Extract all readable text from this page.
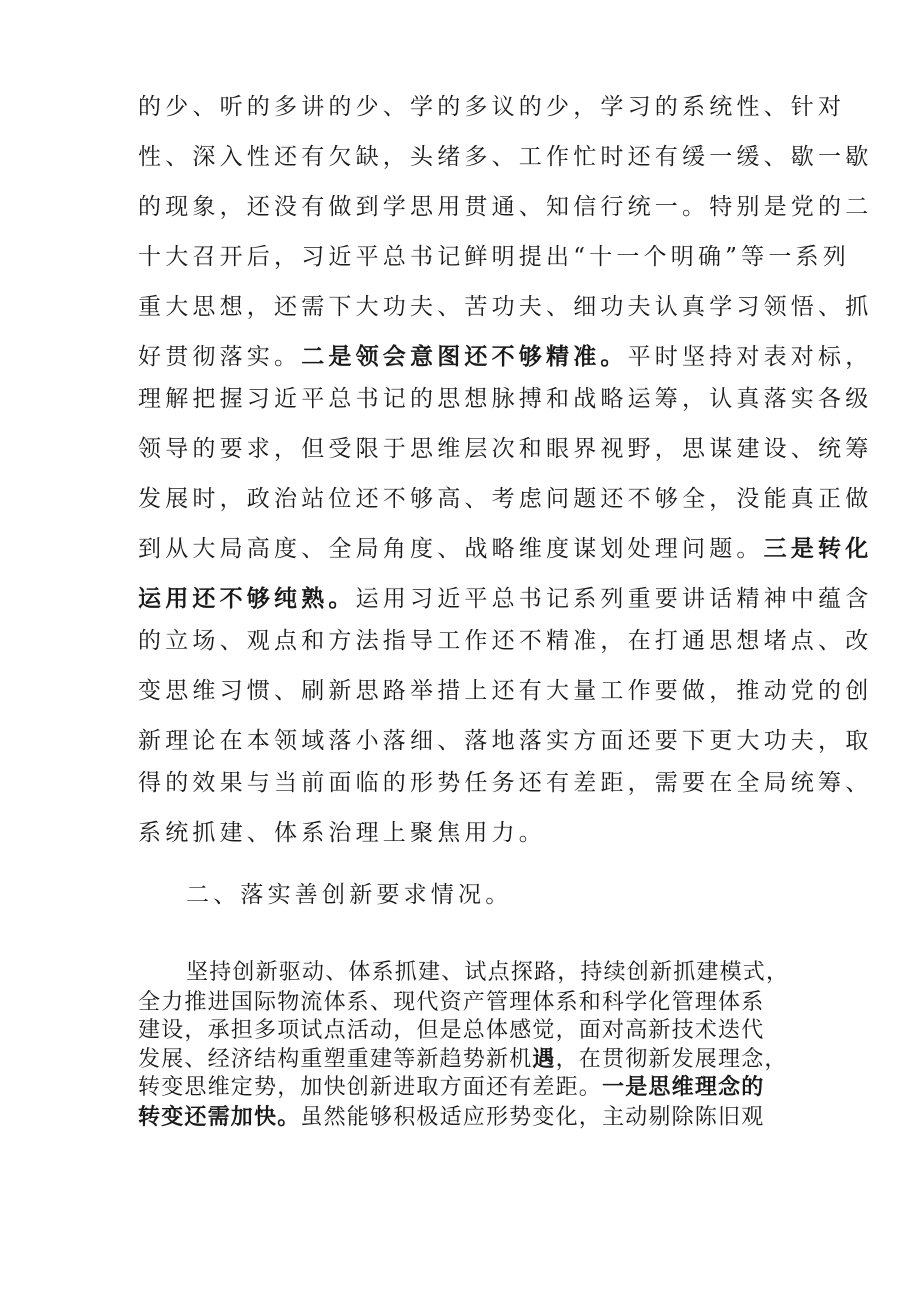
的少、听的多讲的少、学的多议的少，学习的系统性、针对
性、深入性还有欠缺，头绪多、工作忙时还有缓一缓、歇一歇
的现象，还没有做到学思用贯通、知信行统一。特别是党的二
十大召开后，习近平总书记鲜明提出“十一个明确”等一系列
重大思想，还需下大功夫、苦功夫、细功夫认真学习领悟、抓
好贯彻落实。二是领会意图还不够精准。平时坚持对表对标，
理解把握习近平总书记的思想脉搏和战略运筹，认真落实各级
领导的要求，但受限于思维层次和眼界视野，思谋建设、统筹
发展时，政治站位还不够高、考虑问题还不够全，没能真正做
到从大局高度、全局角度、战略维度谋划处理问题。三是转化
运用还不够纯熟。运用习近平总书记系列重要讲话精神中蕴含
的立场、观点和方法指导工作还不精准，在打通思想堵点、改
变思维习惯、刷新思路举措上还有大量工作要做，推动党的创
新理论在本领域落小落细、落地落实方面还要下更大功夫，取
得的效果与当前面临的形势任务还有差距，需要在全局统筹、
系统抓建、体系治理上聚焦用力。
二、落实善创新要求情况。
坚持创新驱动、体系抓建、试点探路，持续创新抓建模式，
全力推进国际物流体系、现代资产管理体系和科学化管理体系
建设，承担多项试点活动，但是总体感觉，面对高新技术迭代
发展、经济结构重塑重建等新趋势新机遇，在贯彻新发展理念，
转变思维定势，加快创新进取方面还有差距。一是思维理念的
转变还需加快。虽然能够积极适应形势变化，主动剔除陈旧观
